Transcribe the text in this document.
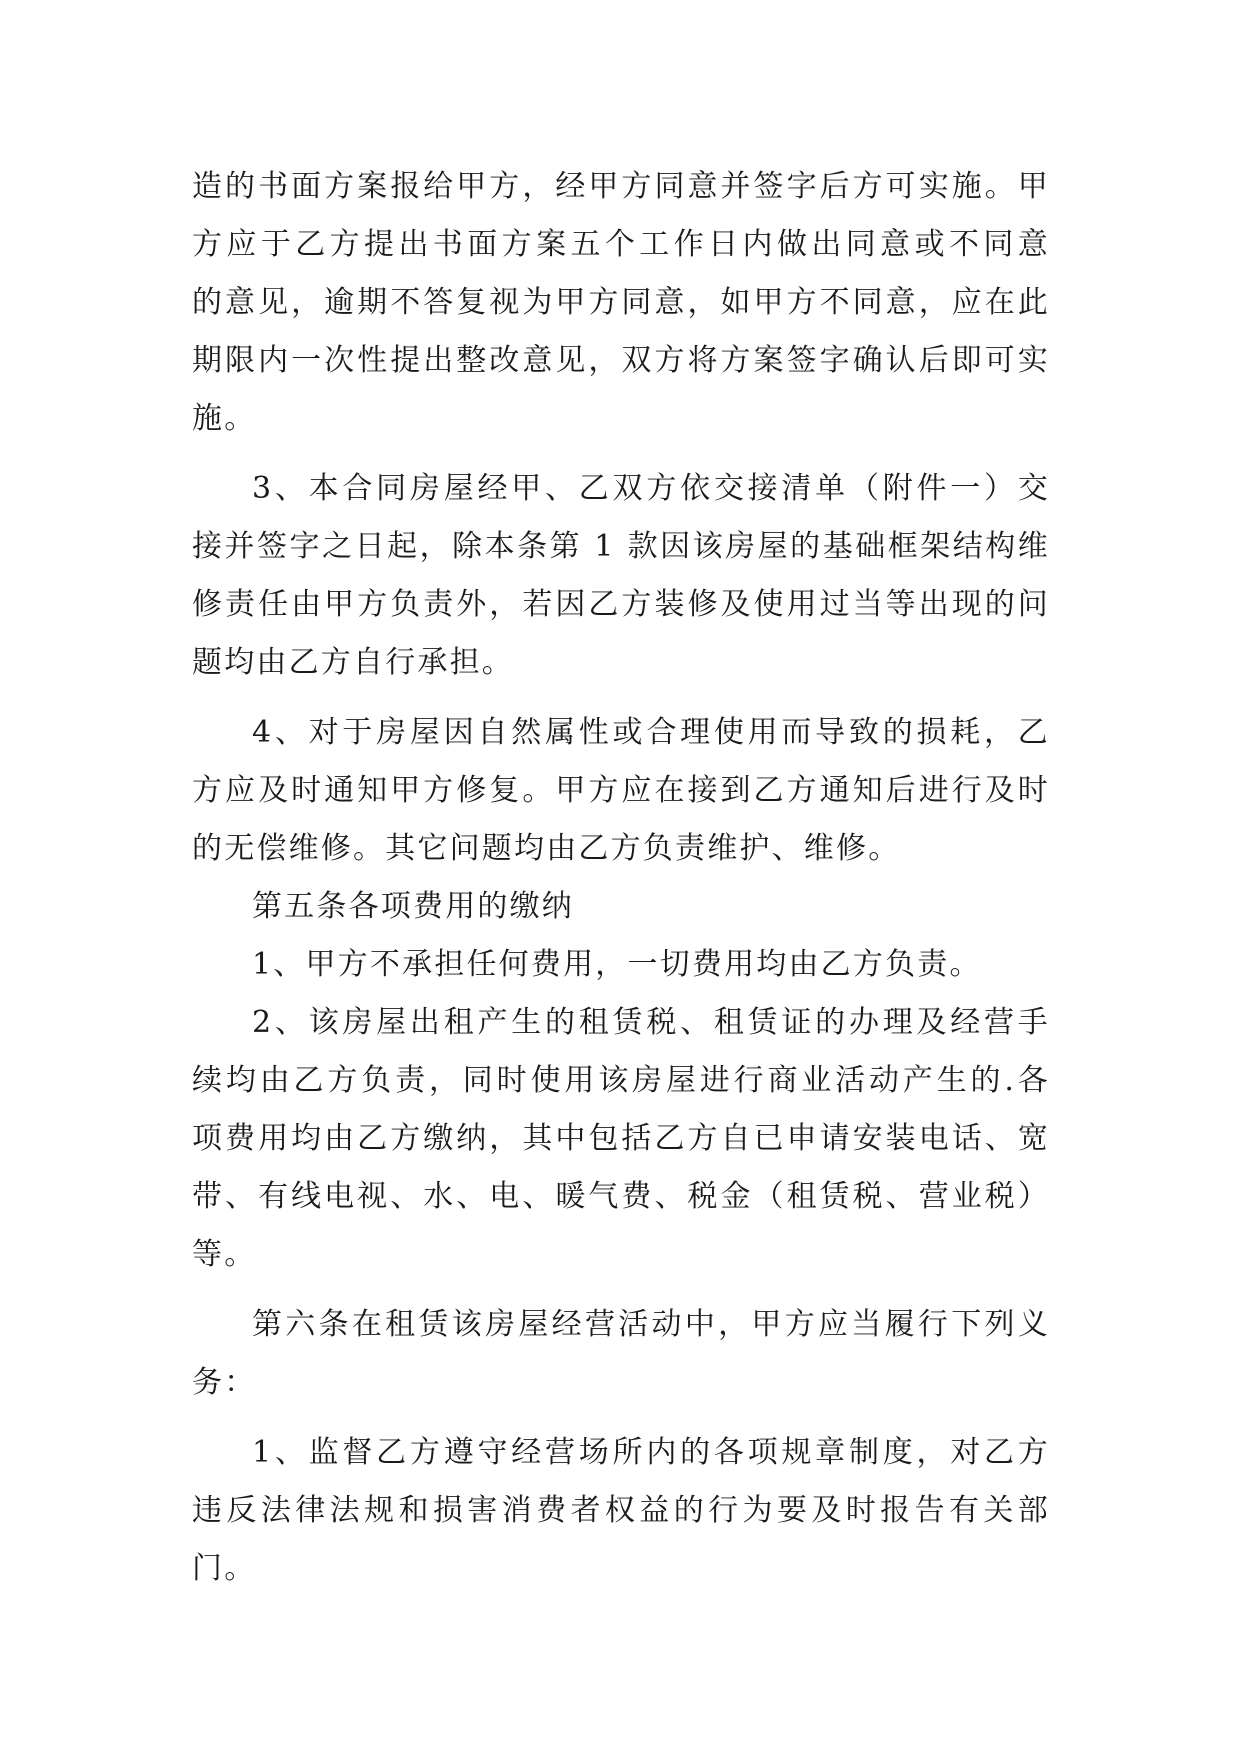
造的书面方案报给甲方，经甲方同意并签字后方可实施。甲
方应于乙方提出书面方案五个工作日内做出同意或不同意
的意见，逾期不答复视为甲方同意，如甲方不同意，应在此
期限内一次性提出整改意见，双方将方案签字确认后即可实
施。
3、本合同房屋经甲、乙双方依交接清单（附件一）交
接并签字之日起，除本条第 1 款因该房屋的基础框架结构维
修责任由甲方负责外，若因乙方装修及使用过当等出现的问
题均由乙方自行承担。
4、对于房屋因自然属性或合理使用而导致的损耗，乙
方应及时通知甲方修复。甲方应在接到乙方通知后进行及时
的无偿维修。其它问题均由乙方负责维护、维修。
第五条各项费用的缴纳
1、甲方不承担任何费用，一切费用均由乙方负责。
2、该房屋出租产生的租赁税、租赁证的办理及经营手
续均由乙方负责，同时使用该房屋进行商业活动产生的.各
项费用均由乙方缴纳，其中包括乙方自已申请安装电话、宽
带、有线电视、水、电、暖气费、税金（租赁税、营业税）
等。
第六条在租赁该房屋经营活动中，甲方应当履行下列义
务：
1、监督乙方遵守经营场所内的各项规章制度，对乙方
违反法律法规和损害消费者权益的行为要及时报告有关部
门。
